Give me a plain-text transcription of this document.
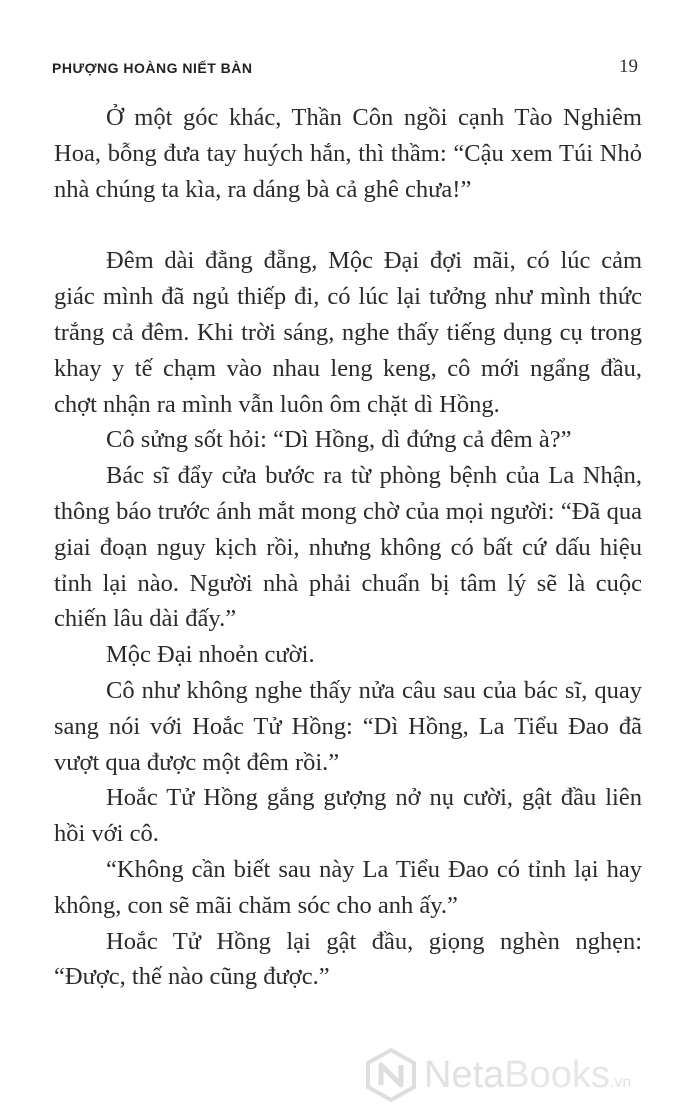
PHƯỢNG HOÀNG NIẾT BÀN	19

Ở một góc khác, Thần Côn ngồi cạnh Tào Nghiêm Hoa, bỗng đưa tay huých hắn, thì thầm: “Cậu xem Túi Nhỏ nhà chúng ta kìa, ra dáng bà cả ghê chưa!”

Đêm dài đằng đẵng, Mộc Đại đợi mãi, có lúc cảm giác mình đã ngủ thiếp đi, có lúc lại tưởng như mình thức trắng cả đêm. Khi trời sáng, nghe thấy tiếng dụng cụ trong khay y tế chạm vào nhau leng keng, cô mới ngẩng đầu, chợt nhận ra mình vẫn luôn ôm chặt dì Hồng.

Cô sửng sốt hỏi: “Dì Hồng, dì đứng cả đêm à?”

Bác sĩ đẩy cửa bước ra từ phòng bệnh của La Nhận, thông báo trước ánh mắt mong chờ của mọi người: “Đã qua giai đoạn nguy kịch rồi, nhưng không có bất cứ dấu hiệu tỉnh lại nào. Người nhà phải chuẩn bị tâm lý sẽ là cuộc chiến lâu dài đấy.”

Mộc Đại nhoẻn cười.

Cô như không nghe thấy nửa câu sau của bác sĩ, quay sang nói với Hoắc Tử Hồng: “Dì Hồng, La Tiểu Đao đã vượt qua được một đêm rồi.”

Hoắc Tử Hồng gắng gượng nở nụ cười, gật đầu liên hồi với cô.

“Không cần biết sau này La Tiểu Đao có tỉnh lại hay không, con sẽ mãi chăm sóc cho anh ấy.”

Hoắc Tử Hồng lại gật đầu, giọng nghèn nghẹn: “Được, thế nào cũng được.”

NetaBooks.vn
